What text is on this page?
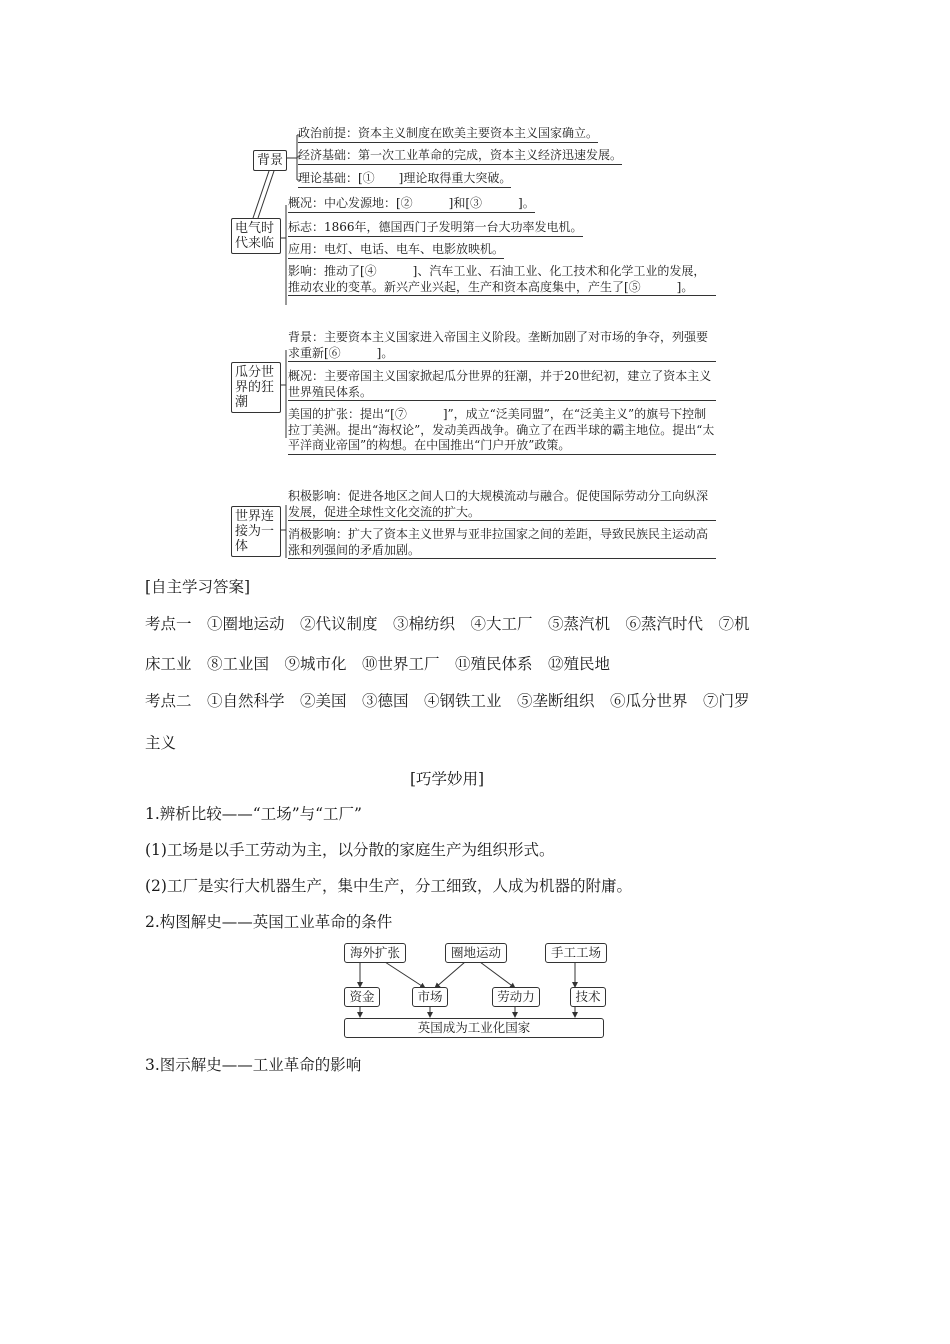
背景
政治前提：资本主义制度在欧美主要资本主义国家确立。
经济基础：第一次工业革命的完成，资本主义经济迅速发展。
理论基础：[①　　]理论取得重大突破。
电气时代来临
概况：中心发源地：[②　　　]和[③　　　]。
标志：1866年，德国西门子发明第一台大功率发电机。
应用：电灯、电话、电车、电影放映机。
影响：推动了[④　　　]、汽车工业、石油工业、化工技术和化学工业的发展，推动农业的变革。新兴产业兴起，生产和资本高度集中，产生了[⑤　　　]。
瓜分世界的狂潮
背景：主要资本主义国家进入帝国主义阶段。垄断加剧了对市场的争夺，列强要求重新[⑥　　　]。
概况：主要帝国主义国家掀起瓜分世界的狂潮，并于20世纪初，建立了资本主义世界殖民体系。
美国的扩张：提出“[⑦　　　]”，成立“泛美同盟”，在“泛美主义”的旗号下控制拉丁美洲。提出“海权论”，发动美西战争。确立了在西半球的霸主地位。提出“太平洋商业帝国”的构想。在中国推出“门户开放”政策。
世界连接为一体
积极影响：促进各地区之间人口的大规模流动与融合。促使国际劳动分工向纵深发展，促进全球性文化交流的扩大。
消极影响：扩大了资本主义世界与亚非拉国家之间的差距，导致民族民主运动高涨和列强间的矛盾加剧。
[自主学习答案]
考点一　①圈地运动　②代议制度　③棉纺织　④大工厂　⑤蒸汽机　⑥蒸汽时代　⑦机
床工业　⑧工业国　⑨城市化　⑩世界工厂　⑪殖民体系　⑫殖民地
考点二　①自然科学　②美国　③德国　④钢铁工业　⑤垄断组织　⑥瓜分世界　⑦门罗
主义
[巧学妙用]
1.辨析比较——“工场”与“工厂”
(1)工场是以手工劳动为主，以分散的家庭生产为组织形式。
(2)工厂是实行大机器生产，集中生产，分工细致，人成为机器的附庸。
2.构图解史——英国工业革命的条件
海外扩张	圈地运动	手工工场
资金	市场	劳动力	技术
英国成为工业化国家
3.图示解史——工业革命的影响
